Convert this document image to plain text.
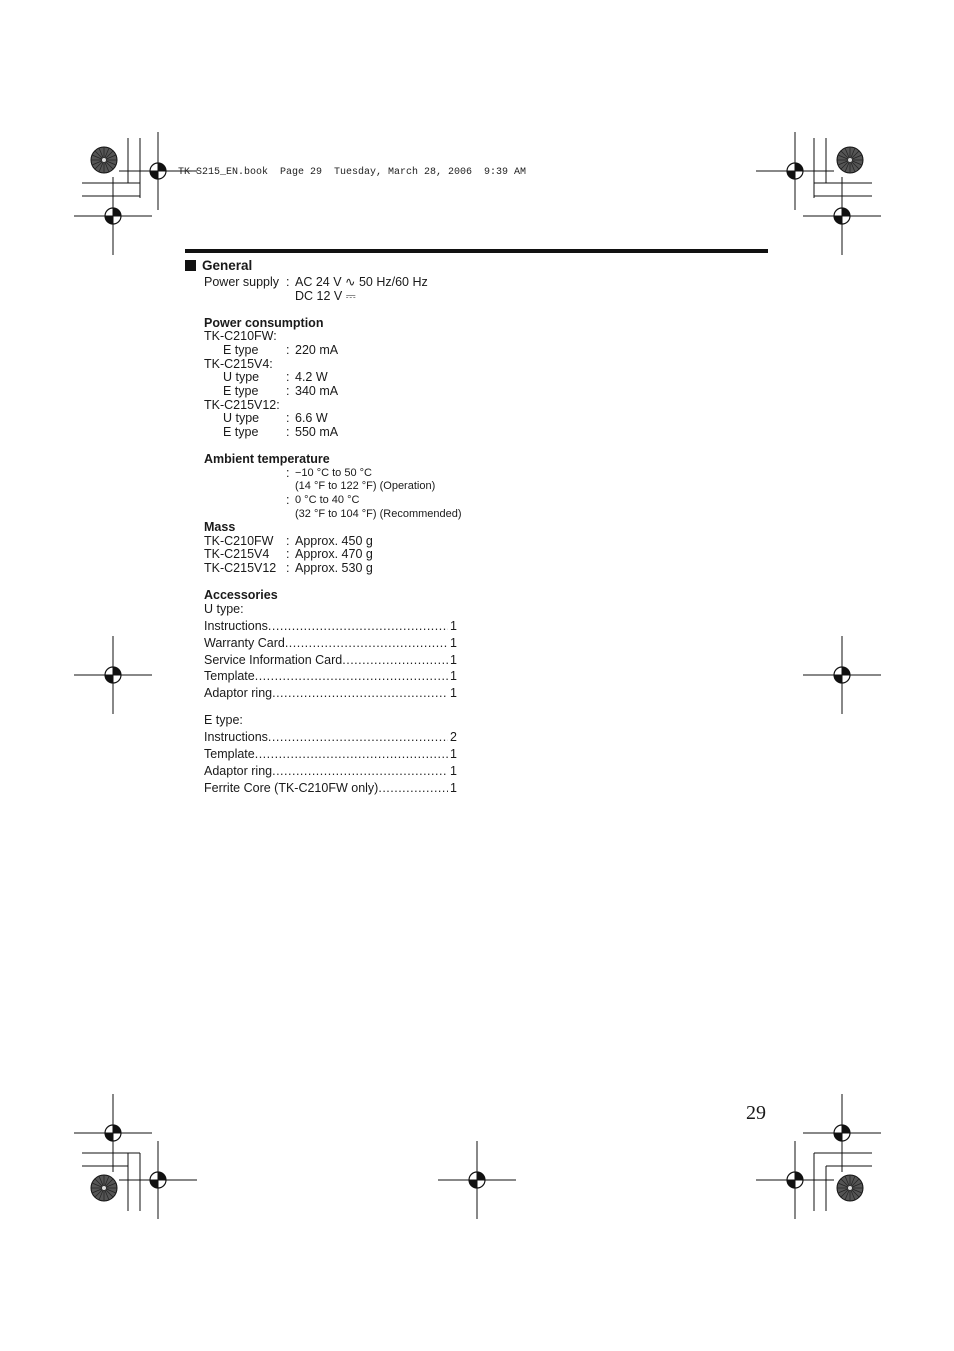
TK-S215_EN.book  Page 29  Tuesday, March 28, 2006  9:39 AM
General
Power supply : AC 24 V ∿ 50 Hz/60 Hz
DC 12 V ⎓
Power consumption
TK-C210FW:
E type : 220 mA
TK-C215V4:
U type : 4.2 W
E type : 340 mA
TK-C215V12:
U type : 6.6 W
E type : 550 mA
Ambient temperature
: −10 °C to 50 °C
(14 °F to 122 °F) (Operation)
: 0 °C to 40 °C
(32 °F to 104 °F) (Recommended)
Mass
TK-C210FW : Approx. 450 g
TK-C215V4 : Approx. 470 g
TK-C215V12 : Approx. 530 g
Accessories
U type:
Instructions .....	1
Warranty Card .....	1
Service Information Card .....	1
Template .....	1
Adaptor ring .....	1
E type:
Instructions .....	2
Template .....	1
Adaptor ring .....	1
Ferrite Core (TK-C210FW only) .....	1
29
